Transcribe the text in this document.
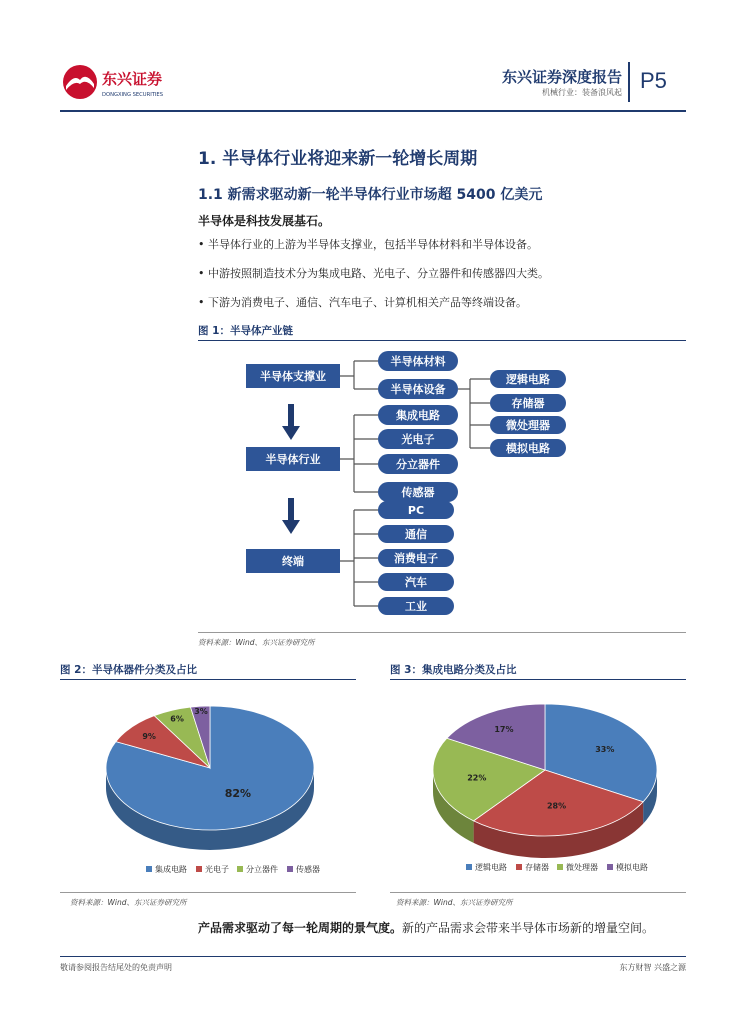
东兴证券
DONGXING SECURITIES
东兴证券深度报告
机械行业：装备浪风起 P5
1. 半导体行业将迎来新一轮增长周期
1.1 新需求驱动新一轮半导体行业市场超 5400 亿美元
半导体是科技发展基石。
• 半导体行业的上游为半导体支撑业，包括半导体材料和半导体设备。
• 中游按照制造技术分为集成电路、光电子、分立器件和传感器四大类。
• 下游为消费电子、通信、汽车电子、计算机相关产品等终端设备。
图 1：半导体产业链
半导体支撑业
半导体行业
终端
半导体材料
半导体设备
集成电路
光电子
分立器件
传感器
逻辑电路
存储器
微处理器
模拟电路
PC
通信
消费电子
汽车
工业
资料来源：Wind、东兴证券研究所
图 2：半导体器件分类及占比
82%
9%
6%
3%
集成电路 光电子 分立器件 传感器
资料来源：Wind、东兴证券研究所
图 3：集成电路分类及占比
33%
28%
22%
17%
逻辑电路 存储器 微处理器 模拟电路
资料来源：Wind、东兴证券研究所
产品需求驱动了每一轮周期的景气度。新的产品需求会带来半导体市场新的增量空间。
敬请参阅报告结尾处的免责声明	东方财智 兴盛之源
